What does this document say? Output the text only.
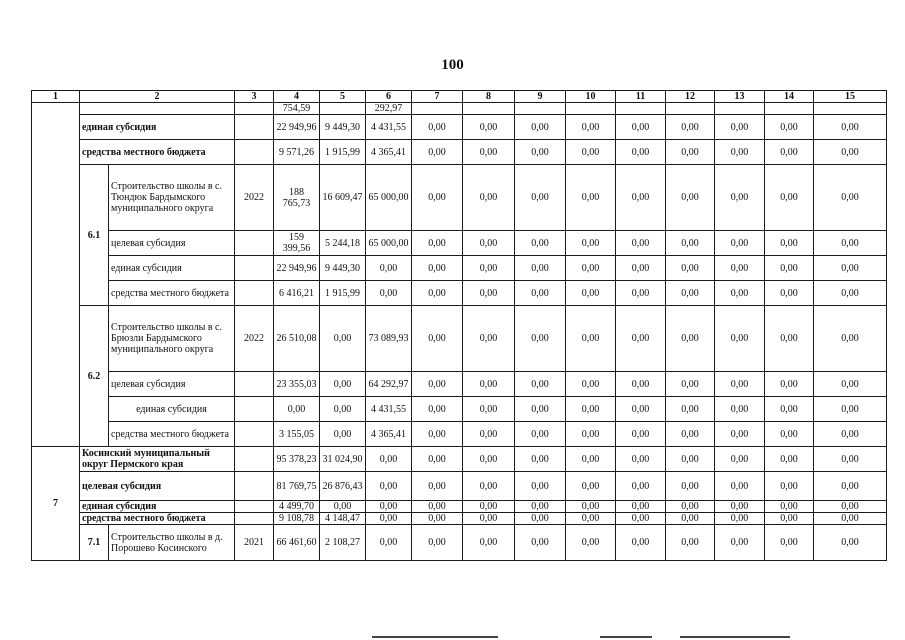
100
1	2		3	4	5	6	7	8	9	10	11	12	13	14	15
				754,59		292,97									
	единая субсидия			22 949,96	9 449,30	4 431,55	0,00	0,00	0,00	0,00	0,00	0,00	0,00	0,00	0,00
	средства местного бюджета			9 571,26	1 915,99	4 365,41	0,00	0,00	0,00	0,00	0,00	0,00	0,00	0,00	0,00
	6.1	Строительство школы в с. Тюндюк Бардымского муниципального округа	2022	188 765,73	16 609,47	65 000,00	0,00	0,00	0,00	0,00	0,00	0,00	0,00	0,00	0,00
		целевая субсидия		159 399,56	5 244,18	65 000,00	0,00	0,00	0,00	0,00	0,00	0,00	0,00	0,00	0,00
		единая субсидия		22 949,96	9 449,30	0,00	0,00	0,00	0,00	0,00	0,00	0,00	0,00	0,00	0,00
		средства местного бюджета		6 416,21	1 915,99	0,00	0,00	0,00	0,00	0,00	0,00	0,00	0,00	0,00	0,00
	6.2	Строительство школы в с. Брюзли Бардымского муниципального округа	2022	26 510,08	0,00	73 089,93	0,00	0,00	0,00	0,00	0,00	0,00	0,00	0,00	0,00
		целевая субсидия		23 355,03	0,00	64 292,97	0,00	0,00	0,00	0,00	0,00	0,00	0,00	0,00	0,00
		единая субсидия		0,00	0,00	4 431,55	0,00	0,00	0,00	0,00	0,00	0,00	0,00	0,00	0,00
		средства местного бюджета		3 155,05	0,00	4 365,41	0,00	0,00	0,00	0,00	0,00	0,00	0,00	0,00	0,00
7	Косинский муниципальный округ Пермского края			95 378,23	31 024,90	0,00	0,00	0,00	0,00	0,00	0,00	0,00	0,00	0,00	0,00
	целевая субсидия			81 769,75	26 876,43	0,00	0,00	0,00	0,00	0,00	0,00	0,00	0,00	0,00	0,00
	единая субсидия			4 499,70	0,00	0,00	0,00	0,00	0,00	0,00	0,00	0,00	0,00	0,00	0,00
	средства местного бюджета			9 108,78	4 148,47	0,00	0,00	0,00	0,00	0,00	0,00	0,00	0,00	0,00	0,00
	7.1	Строительство школы в д. Порошево Косинского	2021	66 461,60	2 108,27	0,00	0,00	0,00	0,00	0,00	0,00	0,00	0,00	0,00	0,00
